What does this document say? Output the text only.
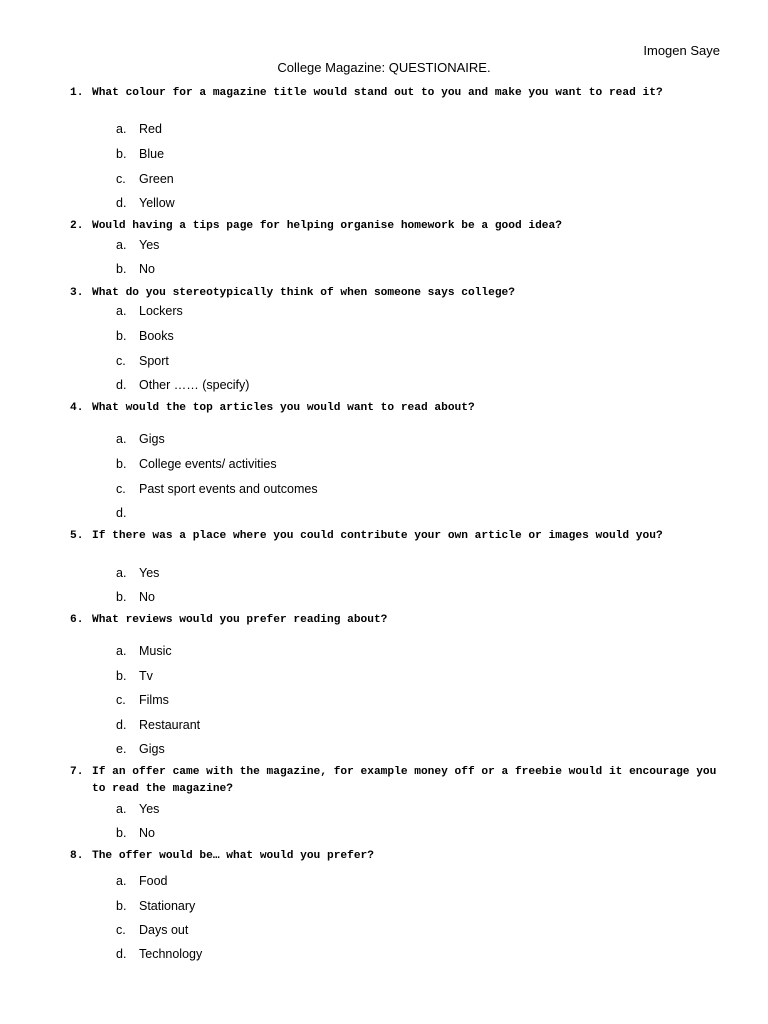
Imogen Saye
College Magazine: QUESTIONAIRE.
1. What colour for a magazine title would stand out to you and make you want to read it?
a. Red
b. Blue
c. Green
d. Yellow
2. Would having a tips page for helping organise homework be a good idea?
a. Yes
b. No
3. What do you stereotypically think of when someone says college?
a. Lockers
b. Books
c. Sport
d. Other …… (specify)
4. What would the top articles you would want to read about?
a. Gigs
b. College events/ activities
c. Past sport events and outcomes
d.
5. If there was a place where you could contribute your own article or images would you?
a. Yes
b. No
6. What reviews would you prefer reading about?
a. Music
b. Tv
c. Films
d. Restaurant
e. Gigs
7. If an offer came with the magazine, for example money off or a freebie would it encourage you to read the magazine?
a. Yes
b. No
8. The offer would be… what would you prefer?
a. Food
b. Stationary
c. Days out
d. Technology
